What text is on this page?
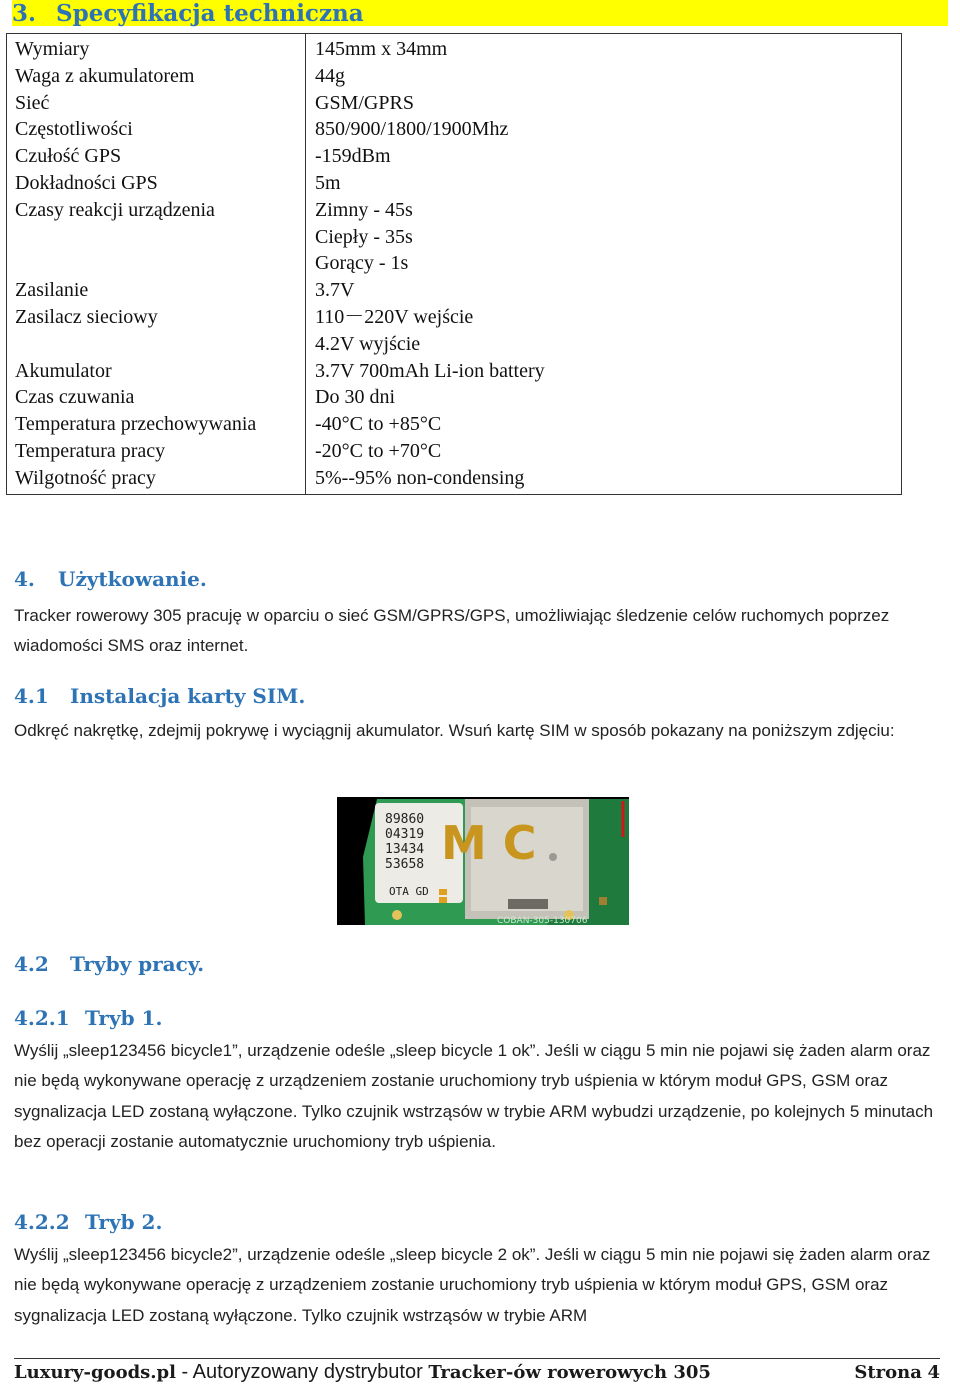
3. Specyfikacja techniczna
Wymiary	145mm x 34mm

Waga z akumulatorem	44g

Sieć	GSM/GPRS

Częstotliwości	850/900/1800/1900Mhz

Czułość GPS	-159dBm

Dokładności GPS	5m

Czasy reakcji urządzenia	Zimny - 45s
Ciepły - 35s
Gorący - 1s

Zasilanie	3.7V

Zasilacz sieciowy	110－220V wejście
4.2V wyjście

Akumulator	3.7V 700mAh Li-ion battery

Czas czuwania	Do 30 dni

Temperatura przechowywania	-40°C to +85°C

Temperatura pracy	-20°C to +70°C

Wilgotność pracy	5%--95% non-condensing
4. Użytkowanie.
Tracker rowerowy 305 pracuję w oparciu o sieć GSM/GPRS/GPS, umożliwiając śledzenie celów ruchomych poprzez wiadomości SMS oraz internet.
4.1 Instalacja karty SIM.
Odkręć nakrętkę, zdejmij pokrywę i wyciągnij akumulator. Wsuń kartę SIM w sposób pokazany na poniższym zdjęciu:
M C
89860
04319
13434
53658
OTA GD
COBAN-305-130706
4.2 Tryby pracy.
4.2.1 Tryb 1.
Wyślij „sleep123456 bicycle1”, urządzenie odeśle „sleep bicycle 1 ok”. Jeśli w ciągu 5 min nie pojawi się żaden alarm oraz nie będą wykonywane operację z urządzeniem zostanie uruchomiony tryb uśpienia w którym moduł GPS, GSM oraz sygnalizacja LED zostaną wyłączone. Tylko czujnik wstrząsów w trybie ARM wybudzi urządzenie, po kolejnych 5 minutach bez operacji zostanie automatycznie uruchomiony tryb uśpienia.
4.2.2 Tryb 2.
Wyślij „sleep123456 bicycle2”, urządzenie odeśle „sleep bicycle 2 ok”. Jeśli w ciągu 5 min nie pojawi się żaden alarm oraz nie będą wykonywane operację z urządzeniem zostanie uruchomiony tryb uśpienia w którym moduł GPS, GSM oraz sygnalizacja LED zostaną wyłączone. Tylko czujnik wstrząsów w trybie ARM
Luxury-goods.pl - Autoryzowany dystrybutor Tracker-ów rowerowych 305	Strona 4
